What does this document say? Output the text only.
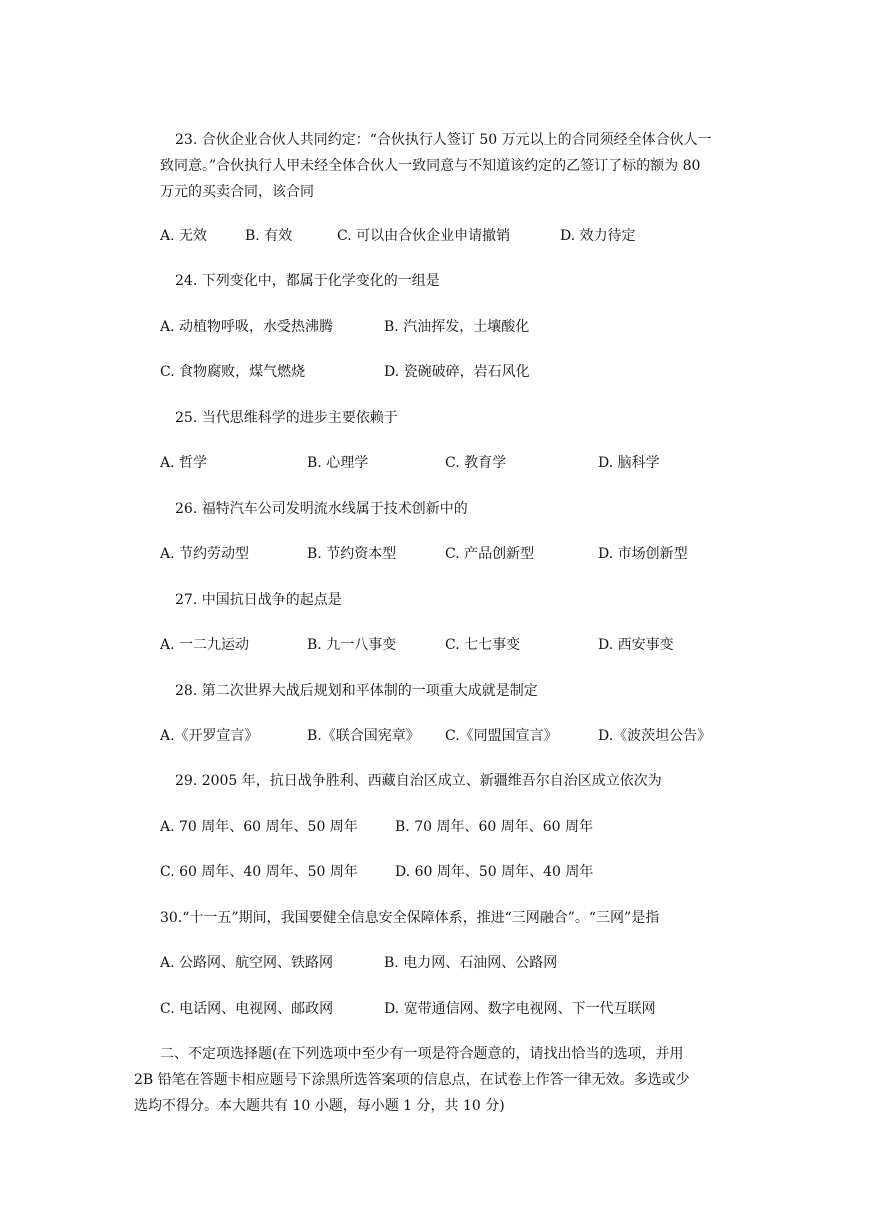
23. 合伙企业合伙人共同约定：“合伙执行人签订 50 万元以上的合同须经全体合伙人一
致同意。”合伙执行人甲未经全体合伙人一致同意与不知道该约定的乙签订了标的额为 80
万元的买卖合同，该合同
A. 无效	B. 有效	C. 可以由合伙企业申请撤销	D. 效力待定
24. 下列变化中，都属于化学变化的一组是
A. 动植物呼吸，水受热沸腾	B. 汽油挥发，土壤酸化
C. 食物腐败，煤气燃烧	D. 瓷碗破碎，岩石风化
25. 当代思维科学的进步主要依赖于
A. 哲学	B. 心理学	C. 教育学	D. 脑科学
26. 福特汽车公司发明流水线属于技术创新中的
A. 节约劳动型	B. 节约资本型	C. 产品创新型	D. 市场创新型
27. 中国抗日战争的起点是
A. 一二九运动	B. 九一八事变	C. 七七事变	D. 西安事变
28. 第二次世界大战后规划和平体制的一项重大成就是制定
A.《开罗宣言》	B.《联合国宪章》 C.《同盟国宣言》	D.《波茨坦公告》
29. 2005 年，抗日战争胜利、西藏自治区成立、新疆维吾尔自治区成立依次为
A. 70 周年、60 周年、50 周年	B. 70 周年、60 周年、60 周年
C. 60 周年、40 周年、50 周年	D. 60 周年、50 周年、40 周年
30.“十一五”期间，我国要健全信息安全保障体系，推进“三网融合”。“三网”是指
A. 公路网、航空网、铁路网	B. 电力网、石油网、公路网
C. 电话网、电视网、邮政网	D. 宽带通信网、数字电视网、下一代互联网
二、不定项选择题(在下列选项中至少有一项是符合题意的，请找出恰当的选项，并用
2B 铅笔在答题卡相应题号下涂黑所选答案项的信息点，在试卷上作答一律无效。多选或少
选均不得分。本大题共有 10 小题，每小题 1 分，共 10 分)
